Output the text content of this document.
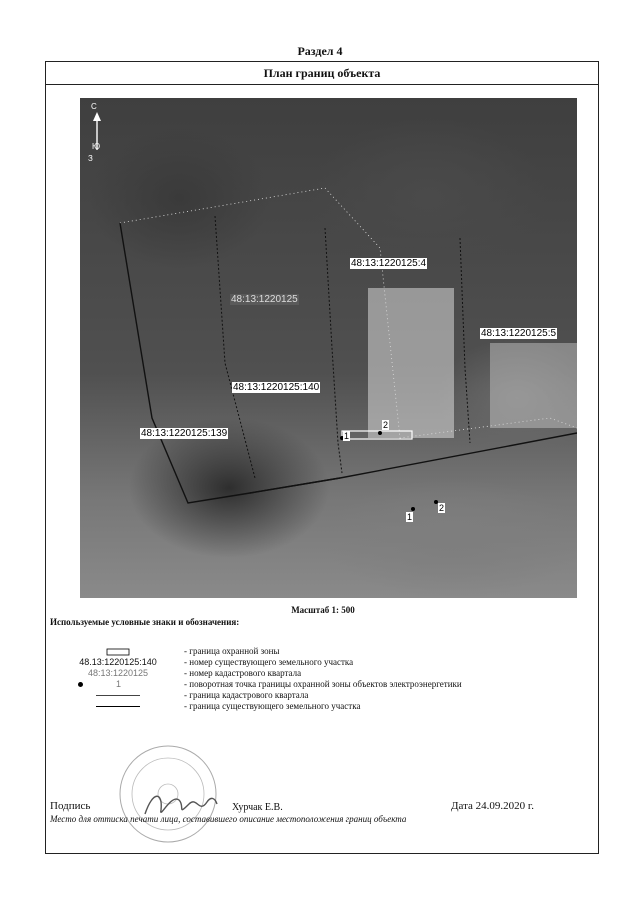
Раздел 4
План границ объекта
С
Ю
З
48:13:1220125:4
48:13:1220125:5
48:13:1220125:140
48:13:1220125:139
48:13:1220125
1
2
1
2
Масштаб 1: 500
Используемые условные знаки и обозначения:
- граница охранной зоны
48.13:1220125:140	- номер существующего земельного участка
48:13:1220125	- номер кадастрового квартала
1	- поворотная точка границы охранной зоны объектов электроэнергетики
- граница кадастрового квартала
- граница существующего земельного участка
Подпись	Хурчак Е.В.	Дата 24.09.2020 г.
Место для оттиска печати лица, составившего описание местоположения границ объекта
